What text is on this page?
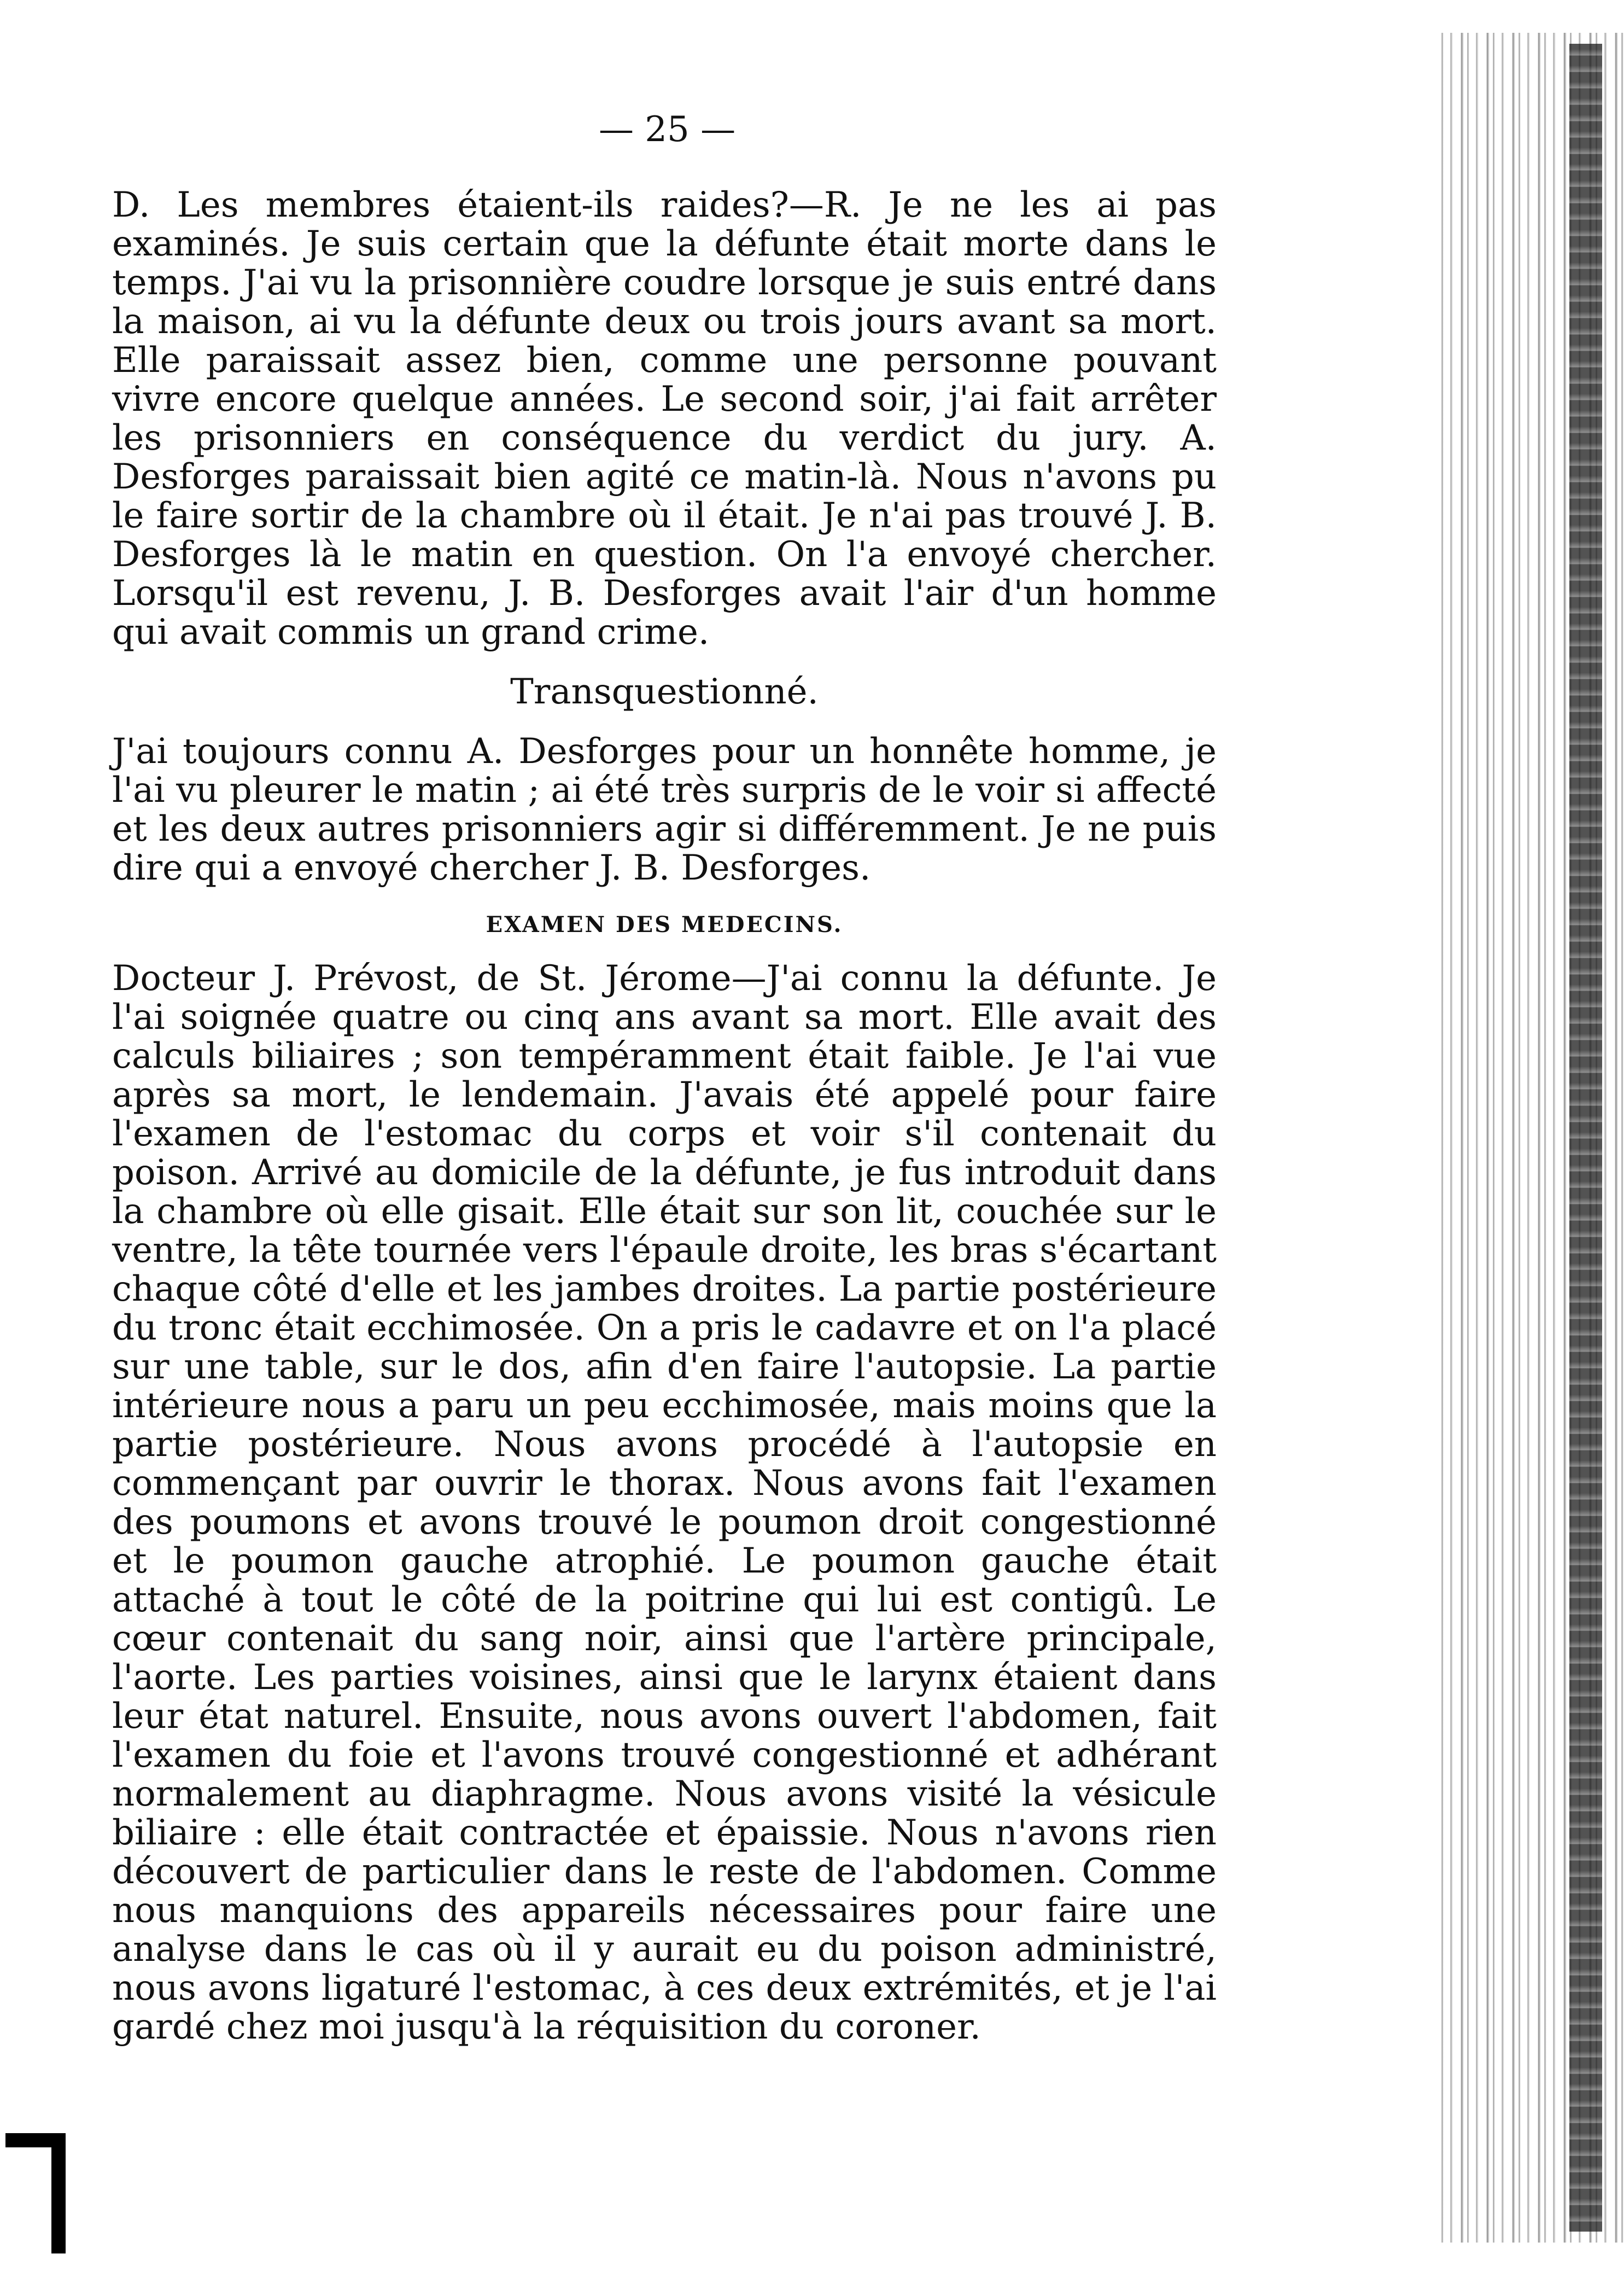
— 25 —

D. Les membres étaient-ils raides?—R. Je ne les ai pas examinés. Je suis certain que la défunte était morte dans le temps. J'ai vu la prisonnière coudre lorsque je suis entré dans la maison, ai vu la défunte deux ou trois jours avant sa mort. Elle paraissait assez bien, comme une personne pouvant vivre encore quelque années. Le second soir, j'ai fait arrêter les prisonniers en conséquence du verdict du jury. A. Desforges paraissait bien agité ce matin-là. Nous n'avons pu le faire sortir de la chambre où il était. Je n'ai pas trouvé J. B. Desforges là le matin en question. On l'a envoyé chercher. Lorsqu'il est revenu, J. B. Desforges avait l'air d'un homme qui avait commis un grand crime.

Transquestionné.

J'ai toujours connu A. Desforges pour un honnête homme, je l'ai vu pleurer le matin ; ai été très surpris de le voir si affecté et les deux autres prisonniers agir si différemment. Je ne puis dire qui a envoyé chercher J. B. Desforges.

EXAMEN DES MEDECINS.

Docteur J. Prévost, de St. Jérome—J'ai connu la défunte. Je l'ai soignée quatre ou cinq ans avant sa mort. Elle avait des calculs biliaires ; son tempéramment était faible. Je l'ai vue après sa mort, le lendemain. J'avais été appelé pour faire l'examen de l'estomac du corps et voir s'il contenait du poison. Arrivé au domicile de la défunte, je fus introduit dans la chambre où elle gisait. Elle était sur son lit, couchée sur le ventre, la tête tournée vers l'épaule droite, les bras s'écartant chaque côté d'elle et les jambes droites. La partie postérieure du tronc était ecchimosée. On a pris le cadavre et on l'a placé sur une table, sur le dos, afin d'en faire l'autopsie. La partie intérieure nous a paru un peu ecchimosée, mais moins que la partie postérieure. Nous avons procédé à l'autopsie en commençant par ouvrir le thorax. Nous avons fait l'examen des poumons et avons trouvé le poumon droit congestionné et le poumon gauche atrophié. Le poumon gauche était attaché à tout le côté de la poitrine qui lui est contigû. Le cœur contenait du sang noir, ainsi que l'artère principale, l'aorte. Les parties voisines, ainsi que le larynx étaient dans leur état naturel. Ensuite, nous avons ouvert l'abdomen, fait l'examen du foie et l'avons trouvé congestionné et adhérant normalement au diaphragme. Nous avons visité la vésicule biliaire : elle était contractée et épaissie. Nous n'avons rien découvert de particulier dans le reste de l'abdomen. Comme nous manquions des appareils nécessaires pour faire une analyse dans le cas où il y aurait eu du poison administré, nous avons ligaturé l'estomac, à ces deux extrémités, et je l'ai gardé chez moi jusqu'à la réquisition du coroner.
